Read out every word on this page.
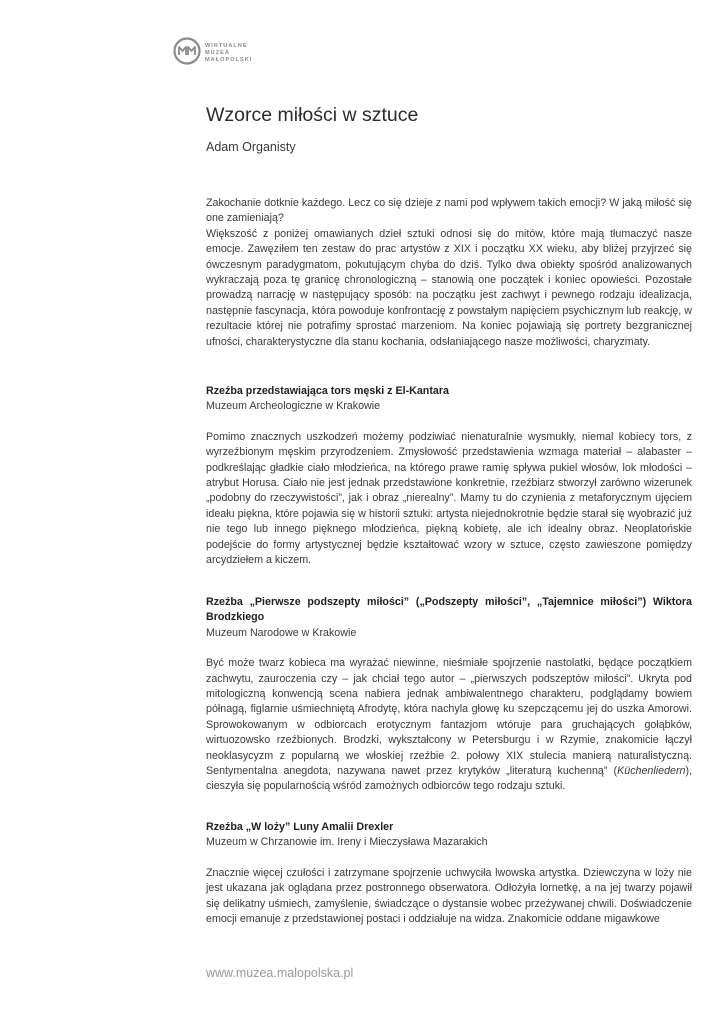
WIRTUALNE
MUZEA
MAŁOPOLSKI
Wzorce miłości w sztuce
Adam Organisty

Zakochanie dotknie każdego. Lecz co się dzieje z nami pod wpływem takich emocji? W jaką miłość się one zamieniają?

Większość z poniżej omawianych dzieł sztuki odnosi się do mitów, które mają tłumaczyć nasze emocje. Zawęziłem ten zestaw do prac artystów z XIX i początku XX wieku, aby bliżej przyjrzeć się ówczesnym paradygmatom, pokutującym chyba do dziś. Tylko dwa obiekty spośród analizowanych wykraczają poza tę granicę chronologiczną – stanowią one początek i koniec opowieści. Pozostałe prowadzą narrację w następujący sposób: na początku jest zachwyt i pewnego rodzaju idealizacja, następnie fascynacja, która powoduje konfrontację z powstałym napięciem psychicznym lub reakcję, w rezultacie której nie potrafimy sprostać marzeniom. Na koniec pojawiają się portrety bezgranicznej ufności, charakterystyczne dla stanu kochania, odsłaniającego nasze możliwości, charyzmaty.

Rzeźba przedstawiająca tors męski z El-Kantara

Muzeum Archeologiczne w Krakowie

Pomimo znacznych uszkodzeń możemy podziwiać nienaturalnie wysmukły, niemal kobiecy tors, z wyrzeźbionym męskim przyrodzeniem. Zmysłowość przedstawienia wzmaga materiał – alabaster – podkreślając gładkie ciało młodzieńca, na którego prawe ramię spływa pukiel włosów, lok młodości – atrybut Horusa. Ciało nie jest jednak przedstawione konkretnie, rzeźbiarz stworzył zarówno wizerunek „podobny do rzeczywistości”, jak i obraz „nierealny”. Mamy tu do czynienia z metaforycznym ujęciem ideału piękna, które pojawia się w historii sztuki: artysta niejednokrotnie będzie starał się wyobrazić już nie tego lub innego pięknego młodzieńca, piękną kobietę, ale ich idealny obraz. Neoplatońskie podejście do formy artystycznej będzie kształtować wzory w sztuce, często zawieszone pomiędzy arcydziełem a kiczem.

Rzeźba „Pierwsze podszepty miłości” („Podszepty miłości”, „Tajemnice miłości”) Wiktora Brodzkiego

Muzeum Narodowe w Krakowie

Być może twarz kobieca ma wyrażać niewinne, nieśmiałe spojrzenie nastolatki, będące początkiem zachwytu, zauroczenia czy – jak chciał tego autor – „pierwszych podszeptów miłości”. Ukryta pod mitologiczną konwencją scena nabiera jednak ambiwalentnego charakteru, podglądamy bowiem półnagą, figlarnie uśmiechniętą Afrodytę, która nachyla głowę ku szepczącemu jej do uszka Amorowi. Sprowokowanym w odbiorcach erotycznym fantazjom wtóruje para gruchających gołąbków, wirtuozowsko rzeźbionych. Brodzki, wykształcony w Petersburgu i w Rzymie, znakomicie łączył neoklasycyzm z popularną we włoskiej rzeźbie 2. połowy XIX stulecia manierą naturalistyczną. Sentymentalna anegdota, nazywana nawet przez krytyków „literaturą kuchenną” (Küchenliedern), cieszyła się popularnością wśród zamożnych odbiorców tego rodzaju sztuki.

Rzeźba „W loży” Luny Amalii Drexler

Muzeum w Chrzanowie im. Ireny i Mieczysława Mazarakich

Znacznie więcej czułości i zatrzymane spojrzenie uchwyciła lwowska artystka. Dziewczyna w loży nie jest ukazana jak oglądana przez postronnego obserwatora. Odłożyła lornetkę, a na jej twarzy pojawił się delikatny uśmiech, zamyślenie, świadczące o dystansie wobec przeżywanej chwili. Doświadczenie emocji emanuje z przedstawionej postaci i oddziałuje na widza. Znakomicie oddane migawkowe

www.muzea.malopolska.pl
